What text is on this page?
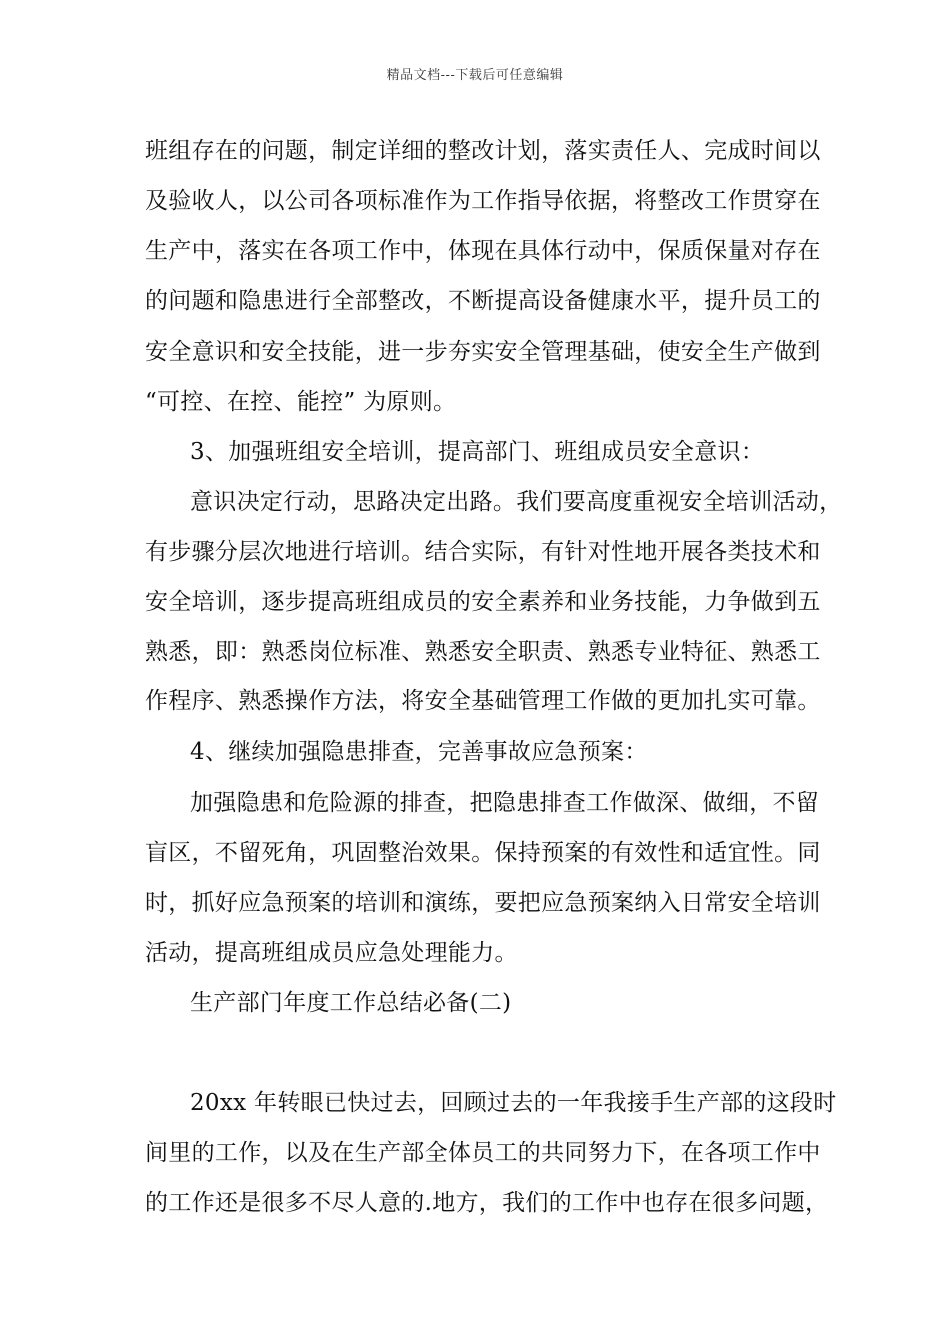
精品文档---下载后可任意编辑
班组存在的问题，制定详细的整改计划，落实责任人、完成时间以
及验收人，以公司各项标准作为工作指导依据，将整改工作贯穿在
生产中，落实在各项工作中，体现在具体行动中，保质保量对存在
的问题和隐患进行全部整改，不断提高设备健康水平，提升员工的
安全意识和安全技能，进一步夯实安全管理基础，使安全生产做到
“可控、在控、能控” 为原则。
3、加强班组安全培训，提高部门、班组成员安全意识：
意识决定行动，思路决定出路。我们要高度重视安全培训活动，
有步骤分层次地进行培训。结合实际，有针对性地开展各类技术和
安全培训，逐步提高班组成员的安全素养和业务技能，力争做到五
熟悉，即：熟悉岗位标准、熟悉安全职责、熟悉专业特征、熟悉工
作程序、熟悉操作方法，将安全基础管理工作做的更加扎实可靠。
4、继续加强隐患排查，完善事故应急预案：
加强隐患和危险源的排查，把隐患排查工作做深、做细，不留
盲区，不留死角，巩固整治效果。保持预案的有效性和适宜性。同
时，抓好应急预案的培训和演练，要把应急预案纳入日常安全培训
活动，提高班组成员应急处理能力。
生产部门年度工作总结必备(二)
20xx 年转眼已快过去，回顾过去的一年我接手生产部的这段时
间里的工作，以及在生产部全体员工的共同努力下，在各项工作中
的工作还是很多不尽人意的.地方，我们的工作中也存在很多问题，
